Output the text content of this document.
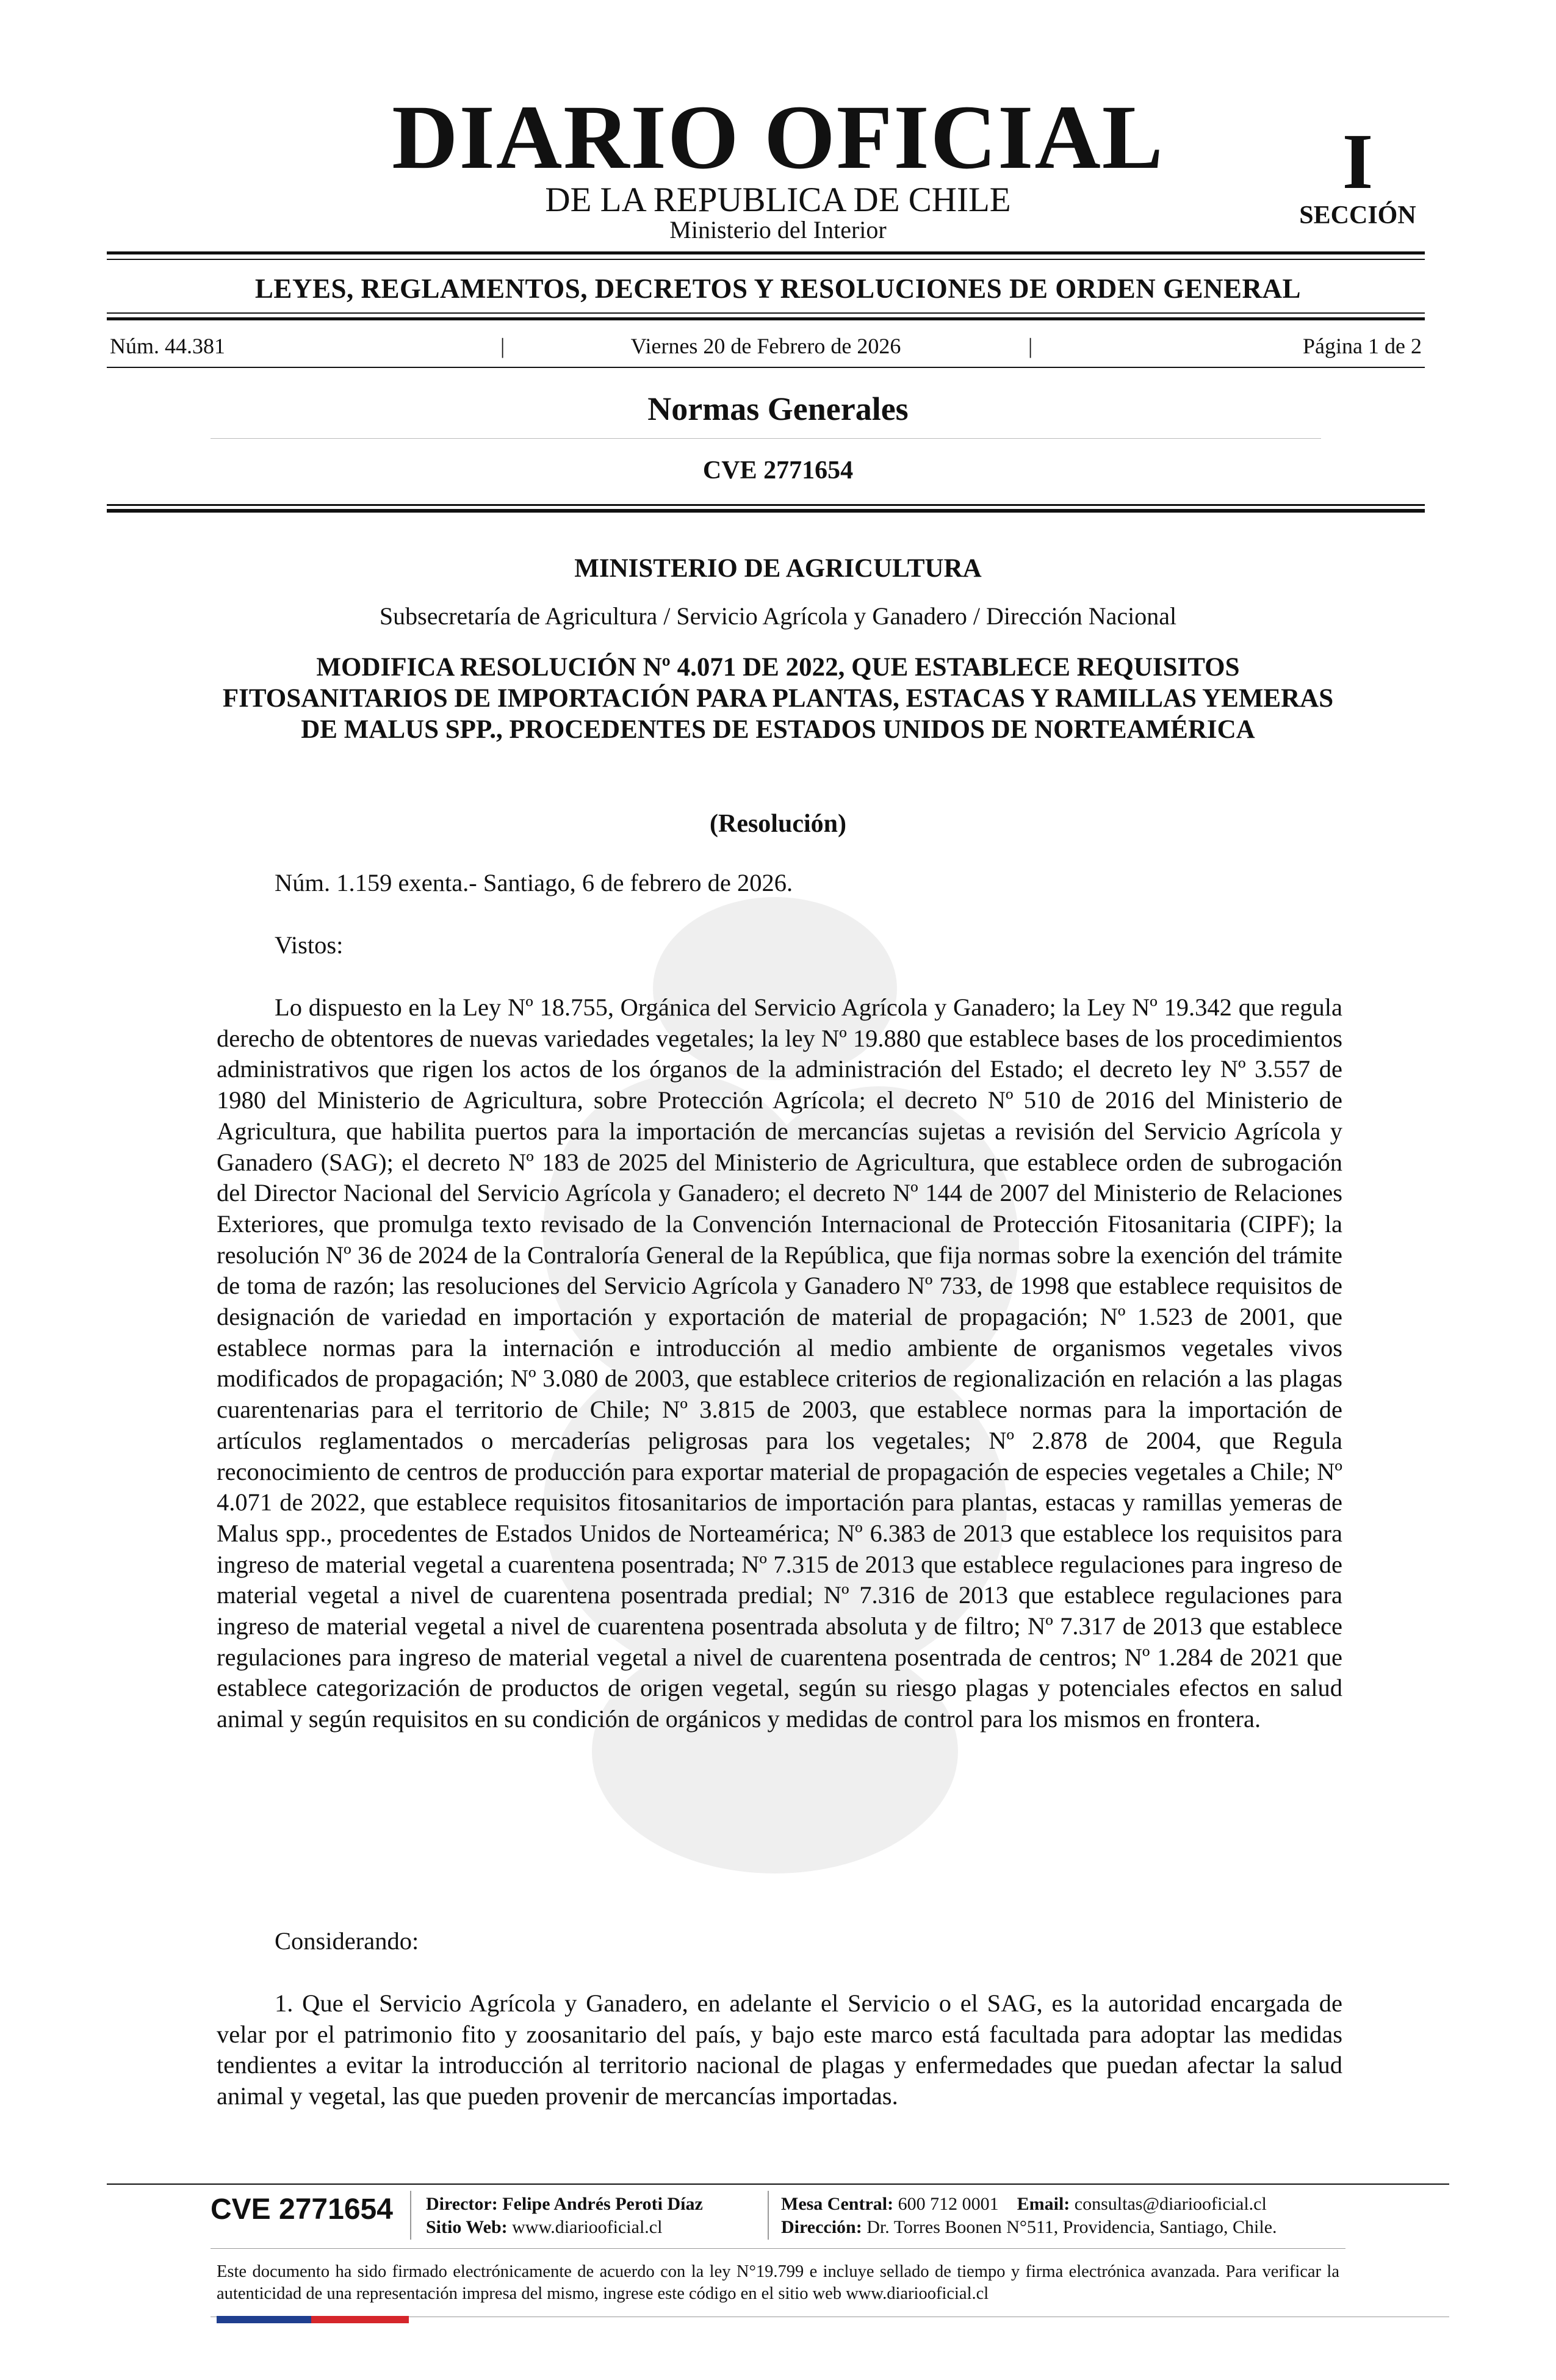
DIARIO OFICIAL
DE LA REPUBLICA DE CHILE
Ministerio del Interior
I
SECCIÓN
LEYES, REGLAMENTOS, DECRETOS Y RESOLUCIONES DE ORDEN GENERAL
Núm. 44.381	|	Viernes 20 de Febrero de 2026	|	Página 1 de 2
Normas Generales
CVE 2771654
MINISTERIO DE AGRICULTURA
Subsecretaría de Agricultura / Servicio Agrícola y Ganadero / Dirección Nacional
MODIFICA RESOLUCIÓN Nº 4.071 DE 2022, QUE ESTABLECE REQUISITOS FITOSANITARIOS DE IMPORTACIÓN PARA PLANTAS, ESTACAS Y RAMILLAS YEMERAS DE MALUS SPP., PROCEDENTES DE ESTADOS UNIDOS DE NORTEAMÉRICA
(Resolución)
Núm. 1.159 exenta.- Santiago, 6 de febrero de 2026.
Vistos:
Lo dispuesto en la Ley Nº 18.755, Orgánica del Servicio Agrícola y Ganadero; la Ley Nº 19.342 que regula derecho de obtentores de nuevas variedades vegetales; la ley Nº 19.880 que establece bases de los procedimientos administrativos que rigen los actos de los órganos de la administración del Estado; el decreto ley Nº 3.557 de 1980 del Ministerio de Agricultura, sobre Protección Agrícola; el decreto Nº 510 de 2016 del Ministerio de Agricultura, que habilita puertos para la importación de mercancías sujetas a revisión del Servicio Agrícola y Ganadero (SAG); el decreto Nº 183 de 2025 del Ministerio de Agricultura, que establece orden de subrogación del Director Nacional del Servicio Agrícola y Ganadero; el decreto Nº 144 de 2007 del Ministerio de Relaciones Exteriores, que promulga texto revisado de la Convención Internacional de Protección Fitosanitaria (CIPF); la resolución Nº 36 de 2024 de la Contraloría General de la República, que fija normas sobre la exención del trámite de toma de razón; las resoluciones del Servicio Agrícola y Ganadero Nº 733, de 1998 que establece requisitos de designación de variedad en importación y exportación de material de propagación; Nº 1.523 de 2001, que establece normas para la internación e introducción al medio ambiente de organismos vegetales vivos modificados de propagación; Nº 3.080 de 2003, que establece criterios de regionalización en relación a las plagas cuarentenarias para el territorio de Chile; Nº 3.815 de 2003, que establece normas para la importación de artículos reglamentados o mercaderías peligrosas para los vegetales; Nº 2.878 de 2004, que Regula reconocimiento de centros de producción para exportar material de propagación de especies vegetales a Chile; Nº 4.071 de 2022, que establece requisitos fitosanitarios de importación para plantas, estacas y ramillas yemeras de Malus spp., procedentes de Estados Unidos de Norteamérica; Nº 6.383 de 2013 que establece los requisitos para ingreso de material vegetal a cuarentena posentrada; Nº 7.315 de 2013 que establece regulaciones para ingreso de material vegetal a nivel de cuarentena posentrada predial; Nº 7.316 de 2013 que establece regulaciones para ingreso de material vegetal a nivel de cuarentena posentrada absoluta y de filtro; Nº 7.317 de 2013 que establece regulaciones para ingreso de material vegetal a nivel de cuarentena posentrada de centros; Nº 1.284 de 2021 que establece categorización de productos de origen vegetal, según su riesgo plagas y potenciales efectos en salud animal y según requisitos en su condición de orgánicos y medidas de control para los mismos en frontera.
Considerando:
1. Que el Servicio Agrícola y Ganadero, en adelante el Servicio o el SAG, es la autoridad encargada de velar por el patrimonio fito y zoosanitario del país, y bajo este marco está facultada para adoptar las medidas tendientes a evitar la introducción al territorio nacional de plagas y enfermedades que puedan afectar la salud animal y vegetal, las que pueden provenir de mercancías importadas.
CVE 2771654 Director: Felipe Andrés Peroti Díaz
Sitio Web: www.diariooficial.cl
Mesa Central: 600 712 0001 Email: consultas@diariooficial.cl
Dirección: Dr. Torres Boonen N°511, Providencia, Santiago, Chile.
Este documento ha sido firmado electrónicamente de acuerdo con la ley N°19.799 e incluye sellado de tiempo y firma electrónica avanzada. Para verificar la autenticidad de una representación impresa del mismo, ingrese este código en el sitio web www.diariooficial.cl
